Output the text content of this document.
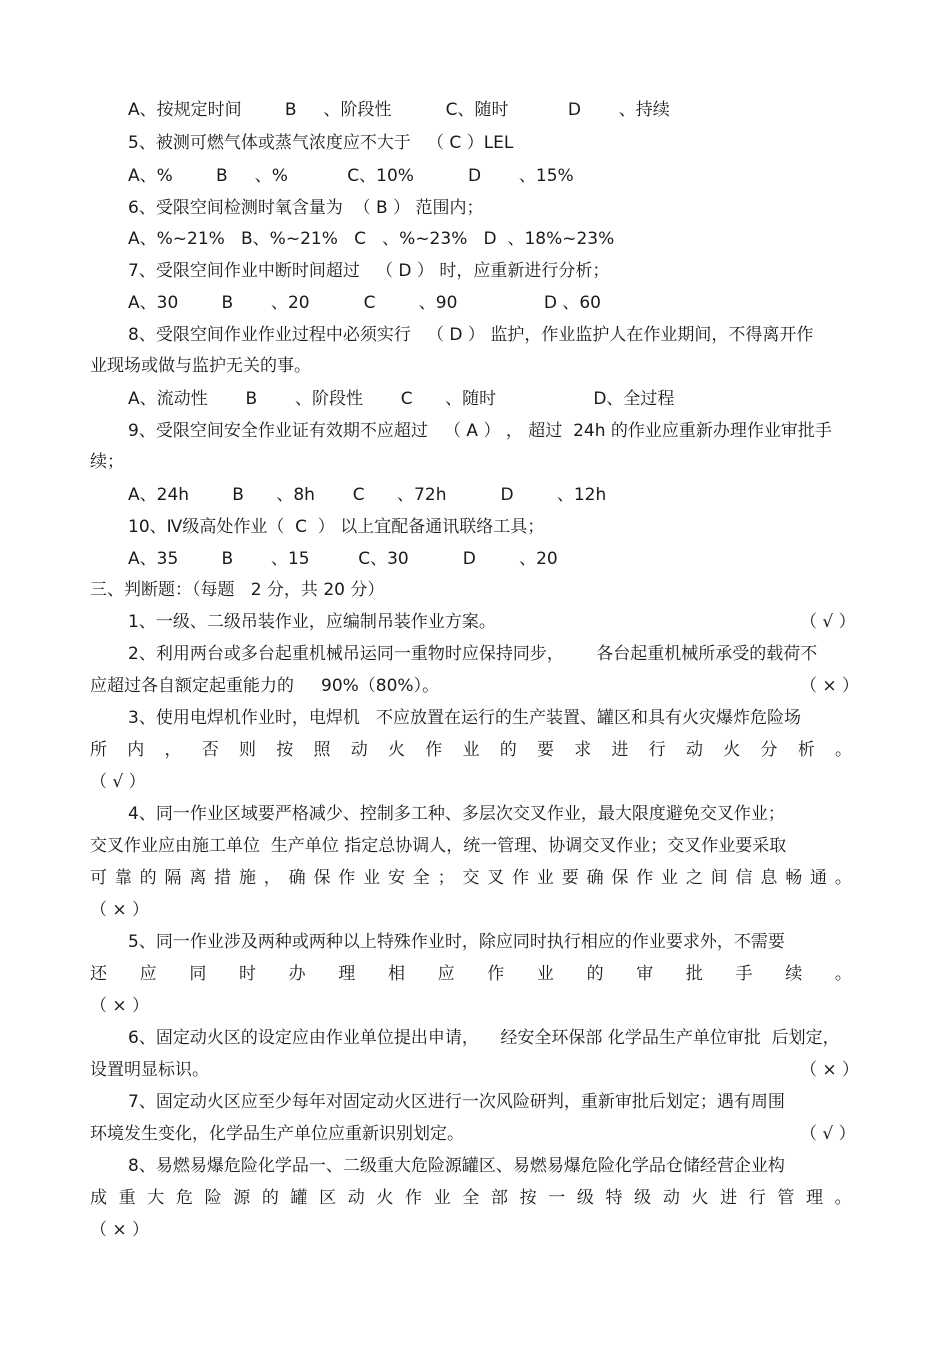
A、按规定时间        B     、阶段性          C、随时           D       、持续
5、被测可燃气体或蒸气浓度应不大于   （ C ）LEL
A、%        B     、%           C、10%          D       、15%
6、受限空间检测时氧含量为  （ B ） 范围内；
A、%~21%   B、%~21%   C   、%~23%   D  、18%~23%
7、受限空间作业中断时间超过   （ D ） 时，应重新进行分析；
A、30        B       、20          C        、90                D 、60
8、受限空间作业作业过程中必须实行   （ D ） 监护，作业监护人在作业期间，不得离开作
业现场或做与监护无关的事。
A、流动性       B       、阶段性       C      、随时                  D、全过程
9、受限空间安全作业证有效期不应超过   （ A ） ， 超过  24h 的作业应重新办理作业审批手
续；
A、24h        B      、8h       C      、72h          D        、12h
10、Ⅳ级高处作业（  C  ） 以上宜配备通讯联络工具；
A、35        B       、15         C、30          D        、20
三、判断题：（每题   2 分，共 20 分）
1、一级、二级吊装作业，应编制吊装作业方案。	（ √ ）
2、利用两台或多台起重机械吊运同一重物时应保持同步，      各台起重机械所承受的载荷不
应超过各自额定起重能力的     90%（80%）。	（ × ）
3、使用电焊机作业时，电焊机   不应放置在运行的生产装置、罐区和具有火灾爆炸危险场
所 内 ， 否 则 按 照 动 火 作 业 的 要 求 进 行 动 火 分 析 。
（ √ ）
4、同一作业区域要严格减少、控制多工种、多层次交叉作业，最大限度避免交叉作业；
交叉作业应由施工单位  生产单位 指定总协调人，统一管理、协调交叉作业；交叉作业要采取
可 靠 的 隔 离 措 施 ， 确 保 作 业 安 全 ； 交 叉 作 业 要 确 保 作 业 之 间 信 息 畅 通 。
（ × ）
5、同一作业涉及两种或两种以上特殊作业时，除应同时执行相应的作业要求外，不需要
还 应 同 时 办 理 相 应 作 业 的 审 批 手 续 。
（ × ）
6、固定动火区的设定应由作业单位提出申请，    经安全环保部 化学品生产单位审批  后划定，
设置明显标识。	（ × ）
7、固定动火区应至少每年对固定动火区进行一次风险研判，重新审批后划定；遇有周围
环境发生变化，化学品生产单位应重新识别划定。	（ √ ）
8、易燃易爆危险化学品一、二级重大危险源罐区、易燃易爆危险化学品仓储经营企业构
成 重 大 危 险 源 的 罐 区 动 火 作 业 全 部 按 一 级 特 级 动 火 进 行 管 理 。
（ × ）
